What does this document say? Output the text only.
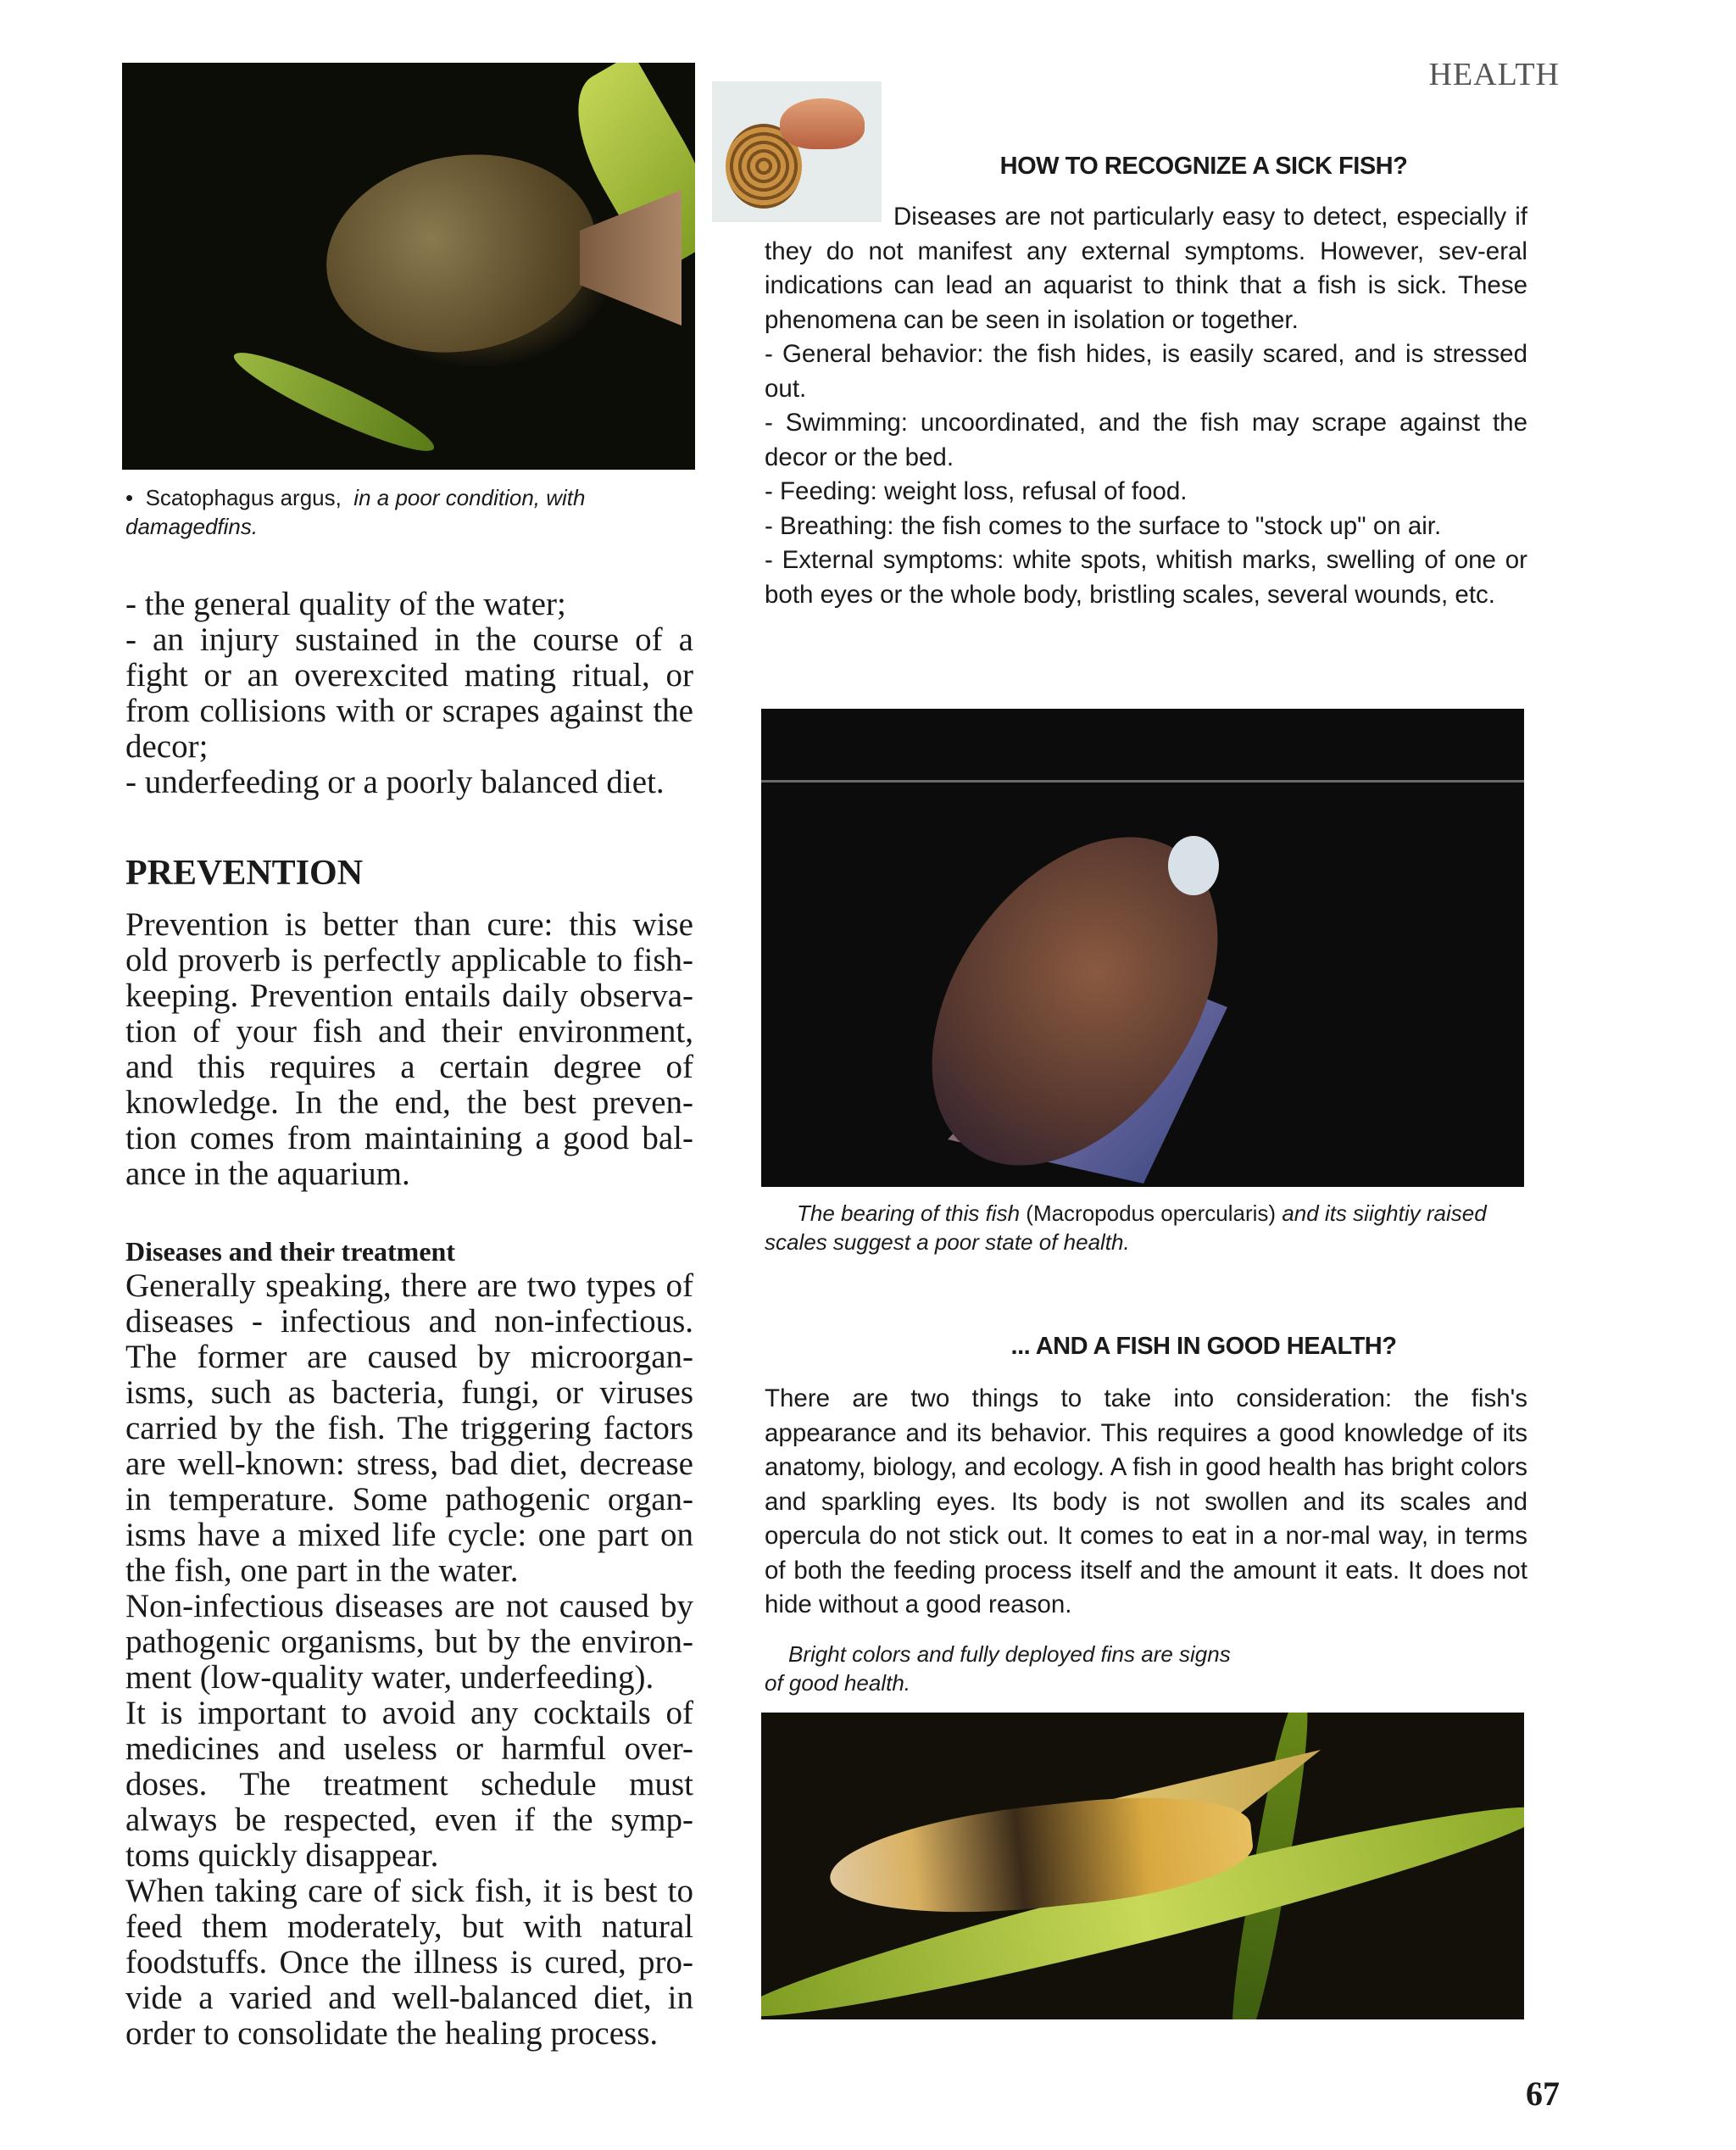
HEALTH
67
• Scatophagus argus, in a poor condition, with damagedfins.
The bearing of this fish (Macropodus opercularis) and its siightiy raised scales suggest a poor state of health.
Bright colors and fully deployed fins are signs of good health.

- the general quality of the water;

- an injury sustained in the course of a fight or an overexcited mating ritual, or from collisions with or scrapes against the decor;

- underfeeding or a poorly balanced diet.

PREVENTION

Prevention is better than cure: this wise old proverb is perfectly applicable to fish-keeping. Prevention entails daily observa-tion of your fish and their environment, and this requires a certain degree of knowledge. In the end, the best preven-tion comes from maintaining a good bal-ance in the aquarium.

Diseases and their treatment

Generally speaking, there are two types of diseases - infectious and non-infectious. The former are caused by microorgan-isms, such as bacteria, fungi, or viruses carried by the fish. The triggering factors are well-known: stress, bad diet, decrease in temperature. Some pathogenic organ-isms have a mixed life cycle: one part on the fish, one part in the water.

Non-infectious diseases are not caused by pathogenic organisms, but by the environ-ment (low-quality water, underfeeding).

It is important to avoid any cocktails of medicines and useless or harmful over-doses. The treatment schedule must always be respected, even if the symp-toms quickly disappear.

When taking care of sick fish, it is best to feed them moderately, but with natural foodstuffs. Once the illness is cured, pro-vide a varied and well-balanced diet, in order to consolidate the healing process.

HOW TO RECOGNIZE A SICK FISH?

Diseases are not particularly easy to detect, especially if they do not manifest any external symptoms. However, sev-eral indications can lead an aquarist to think that a fish is sick. These phenomena can be seen in isolation or together.

- General behavior: the fish hides, is easily scared, and is stressed out.

- Swimming: uncoordinated, and the fish may scrape against the decor or the bed.

- Feeding: weight loss, refusal of food.

- Breathing: the fish comes to the surface to "stock up" on air.

- External symptoms: white spots, whitish marks, swelling of one or both eyes or the whole body, bristling scales, several wounds, etc.

... AND A FISH IN GOOD HEALTH?

There are two things to take into consideration: the fish's appearance and its behavior. This requires a good knowledge of its anatomy, biology, and ecology. A fish in good health has bright colors and sparkling eyes. Its body is not swollen and its scales and opercula do not stick out. It comes to eat in a nor-mal way, in terms of both the feeding process itself and the amount it eats. It does not hide without a good reason.
